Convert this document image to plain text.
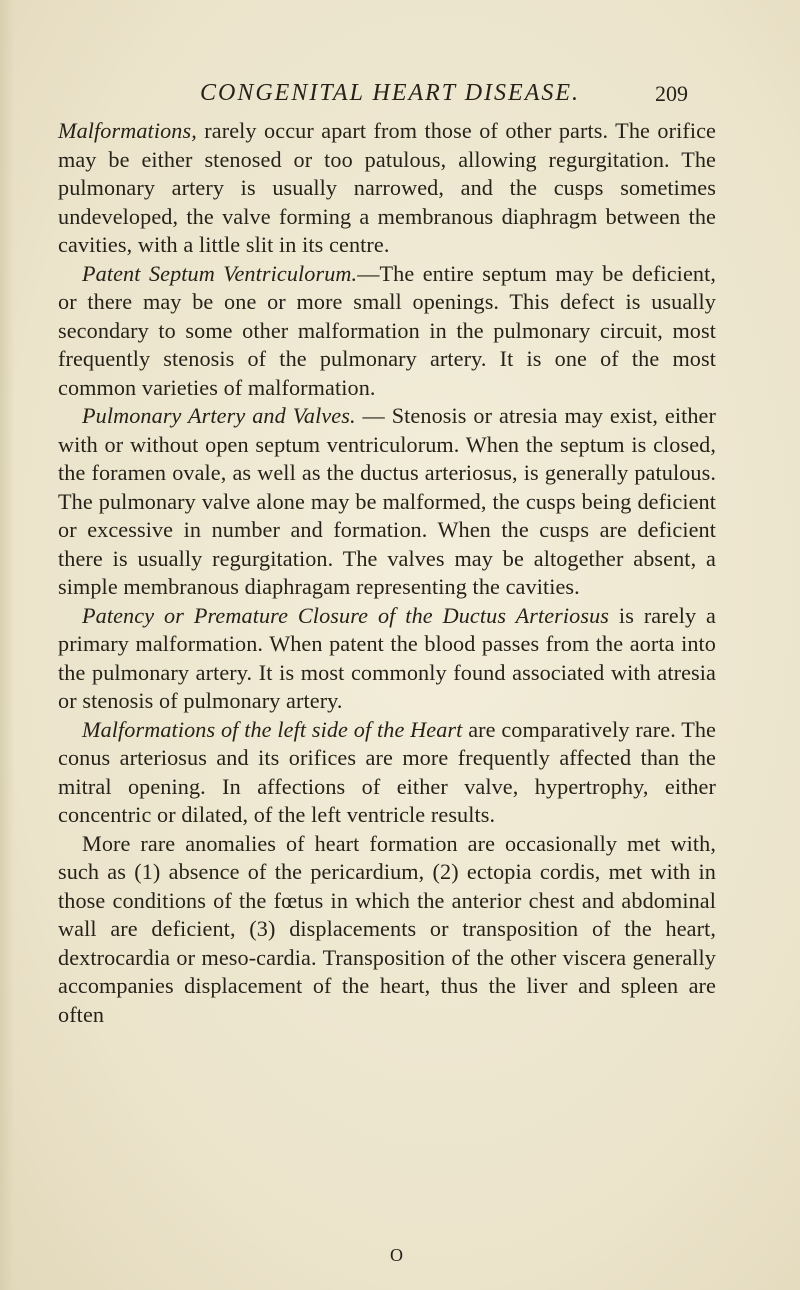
CONGENITAL HEART DISEASE.	209

Malformations, rarely occur apart from those of other parts. The orifice may be either stenosed or too patulous, allowing regurgitation. The pulmonary artery is usually narrowed, and the cusps sometimes undeveloped, the valve forming a membranous diaphragm between the cavities, with a little slit in its centre.

Patent Septum Ventriculorum.—The entire septum may be deficient, or there may be one or more small openings. This defect is usually secondary to some other malformation in the pulmonary circuit, most frequently stenosis of the pulmonary artery. It is one of the most common varieties of malformation.

Pulmonary Artery and Valves. — Stenosis or atresia may exist, either with or without open septum ventriculorum. When the septum is closed, the foramen ovale, as well as the ductus arteriosus, is generally patulous. The pulmonary valve alone may be malformed, the cusps being deficient or excessive in number and formation. When the cusps are deficient there is usually regurgitation. The valves may be altogether absent, a simple membranous diaphragam representing the cavities.

Patency or Premature Closure of the Ductus Arteriosus is rarely a primary malformation. When patent the blood passes from the aorta into the pulmonary artery. It is most commonly found associated with atresia or stenosis of pulmonary artery.

Malformations of the left side of the Heart are comparatively rare. The conus arteriosus and its orifices are more frequently affected than the mitral opening. In affections of either valve, hypertrophy, either concentric or dilated, of the left ventricle results.

More rare anomalies of heart formation are occasionally met with, such as (1) absence of the pericardium, (2) ectopia cordis, met with in those conditions of the fœtus in which the anterior chest and abdominal wall are deficient, (3) displacements or transposition of the heart, dextrocardia or meso-cardia. Transposition of the other viscera generally accompanies displacement of the heart, thus the liver and spleen are often

O
